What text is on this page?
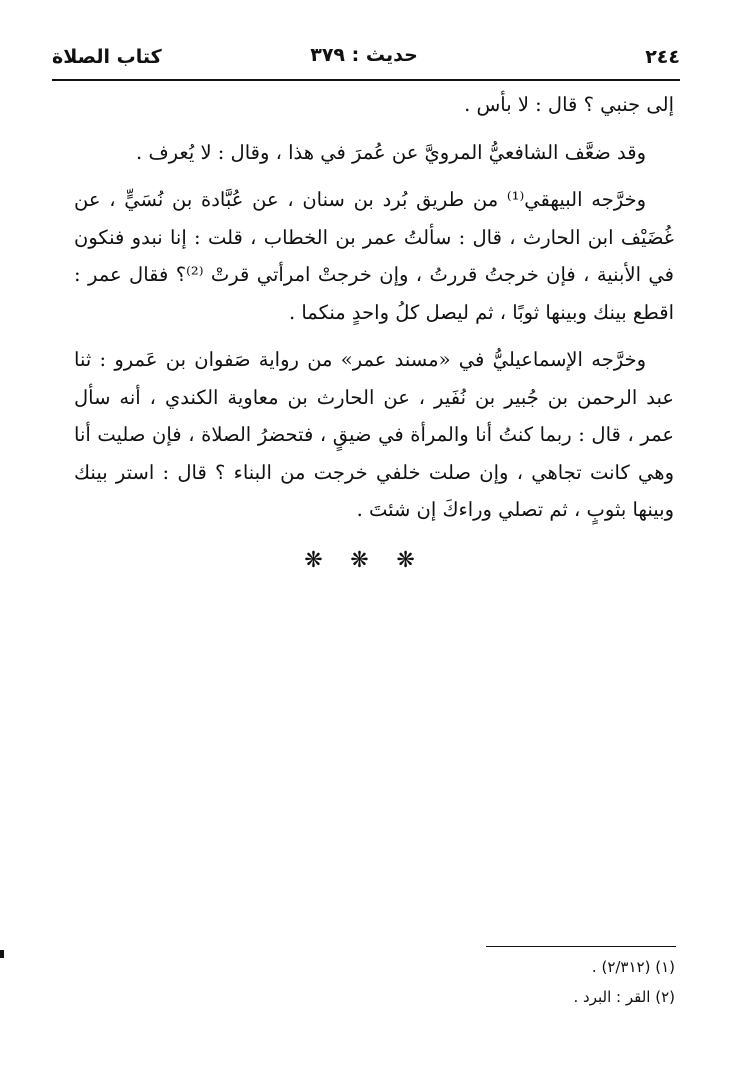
كتاب الصلاة	حديث : ٣٧٩	٢٤٤

إلى جنبي ؟ قال : لا بأس .

وقد ضعَّف الشافعيُّ المرويَّ عن عُمرَ في هذا ، وقال : لا يُعرف .

وخرَّجه البيهقي⁽¹⁾ من طريق بُرد بن سنان ، عن عُبَّادة بن نُسَيٍّ ، عن غُضَيْف ابن الحارث ، قال : سألتُ عمر بن الخطاب ، قلت : إنا نبدو فنكون في الأبنية ، فإن خرجتُ قررتُ ، وإن خرجتْ امرأتي قرتْ ⁽²⁾؟ فقال عمر : اقطع بينك وبينها ثوبًا ، ثم ليصل كلُ واحدٍ منكما .

وخرَّجه الإسماعيليُّ في «مسند عمر» من رواية صَفوان بن عَمرو : ثنا عبد الرحمن بن جُبير بن نُفَير ، عن الحارث بن معاوية الكندي ، أنه سأل عمر ، قال : ربما كنتُ أنا والمرأة في ضيقٍ ، فتحضرُ الصلاة ، فإن صليت أنا وهي كانت تجاهي ، وإن صلت خلفي خرجت من البناء ؟ قال : استر بينك وبينها بثوبٍ ، ثم تصلي وراءكَ إن شئتَ .

❋ ❋ ❋
(١) (٢/٣١٢) .
(٢) القر : البرد .
